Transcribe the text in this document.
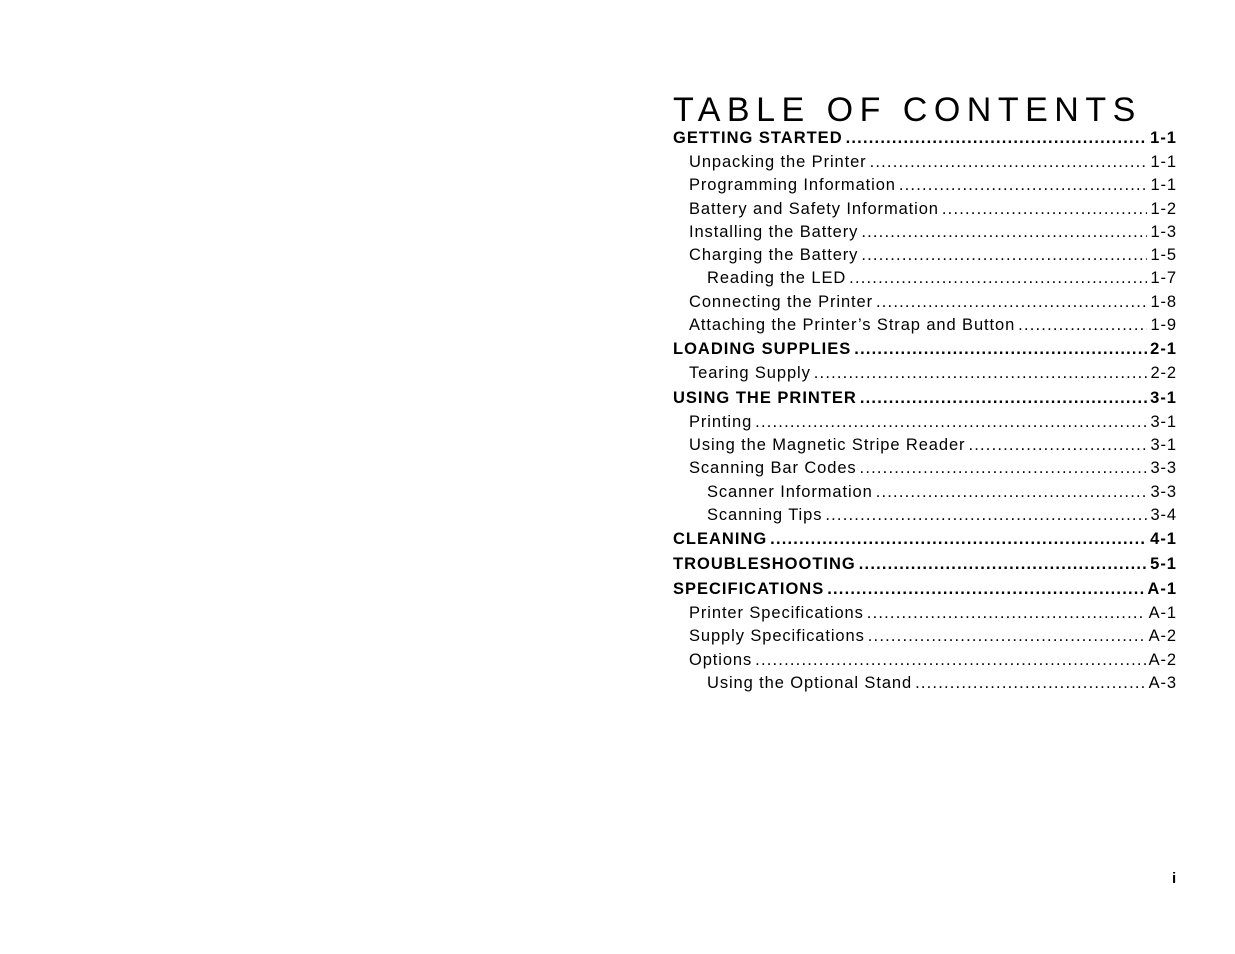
TABLE OF CONTENTS
GETTING STARTED .....	1-1
Unpacking the Printer .....	1-1
Programming Information .....	1-1
Battery and Safety Information .....	1-2
Installing the Battery .....	1-3
Charging the Battery .....	1-5
Reading the LED .....	1-7
Connecting the Printer .....	1-8
Attaching the Printer’s Strap and Button .....	1-9
LOADING SUPPLIES .....	2-1
Tearing Supply .....	2-2
USING THE PRINTER .....	3-1
Printing .....	3-1
Using the Magnetic Stripe Reader .....	3-1
Scanning Bar Codes .....	3-3
Scanner Information .....	3-3
Scanning Tips .....	3-4
CLEANING .....	4-1
TROUBLESHOOTING .....	5-1
SPECIFICATIONS .....	A-1
Printer Specifications .....	A-1
Supply Specifications .....	A-2
Options .....	A-2
Using the Optional Stand .....	A-3
i
